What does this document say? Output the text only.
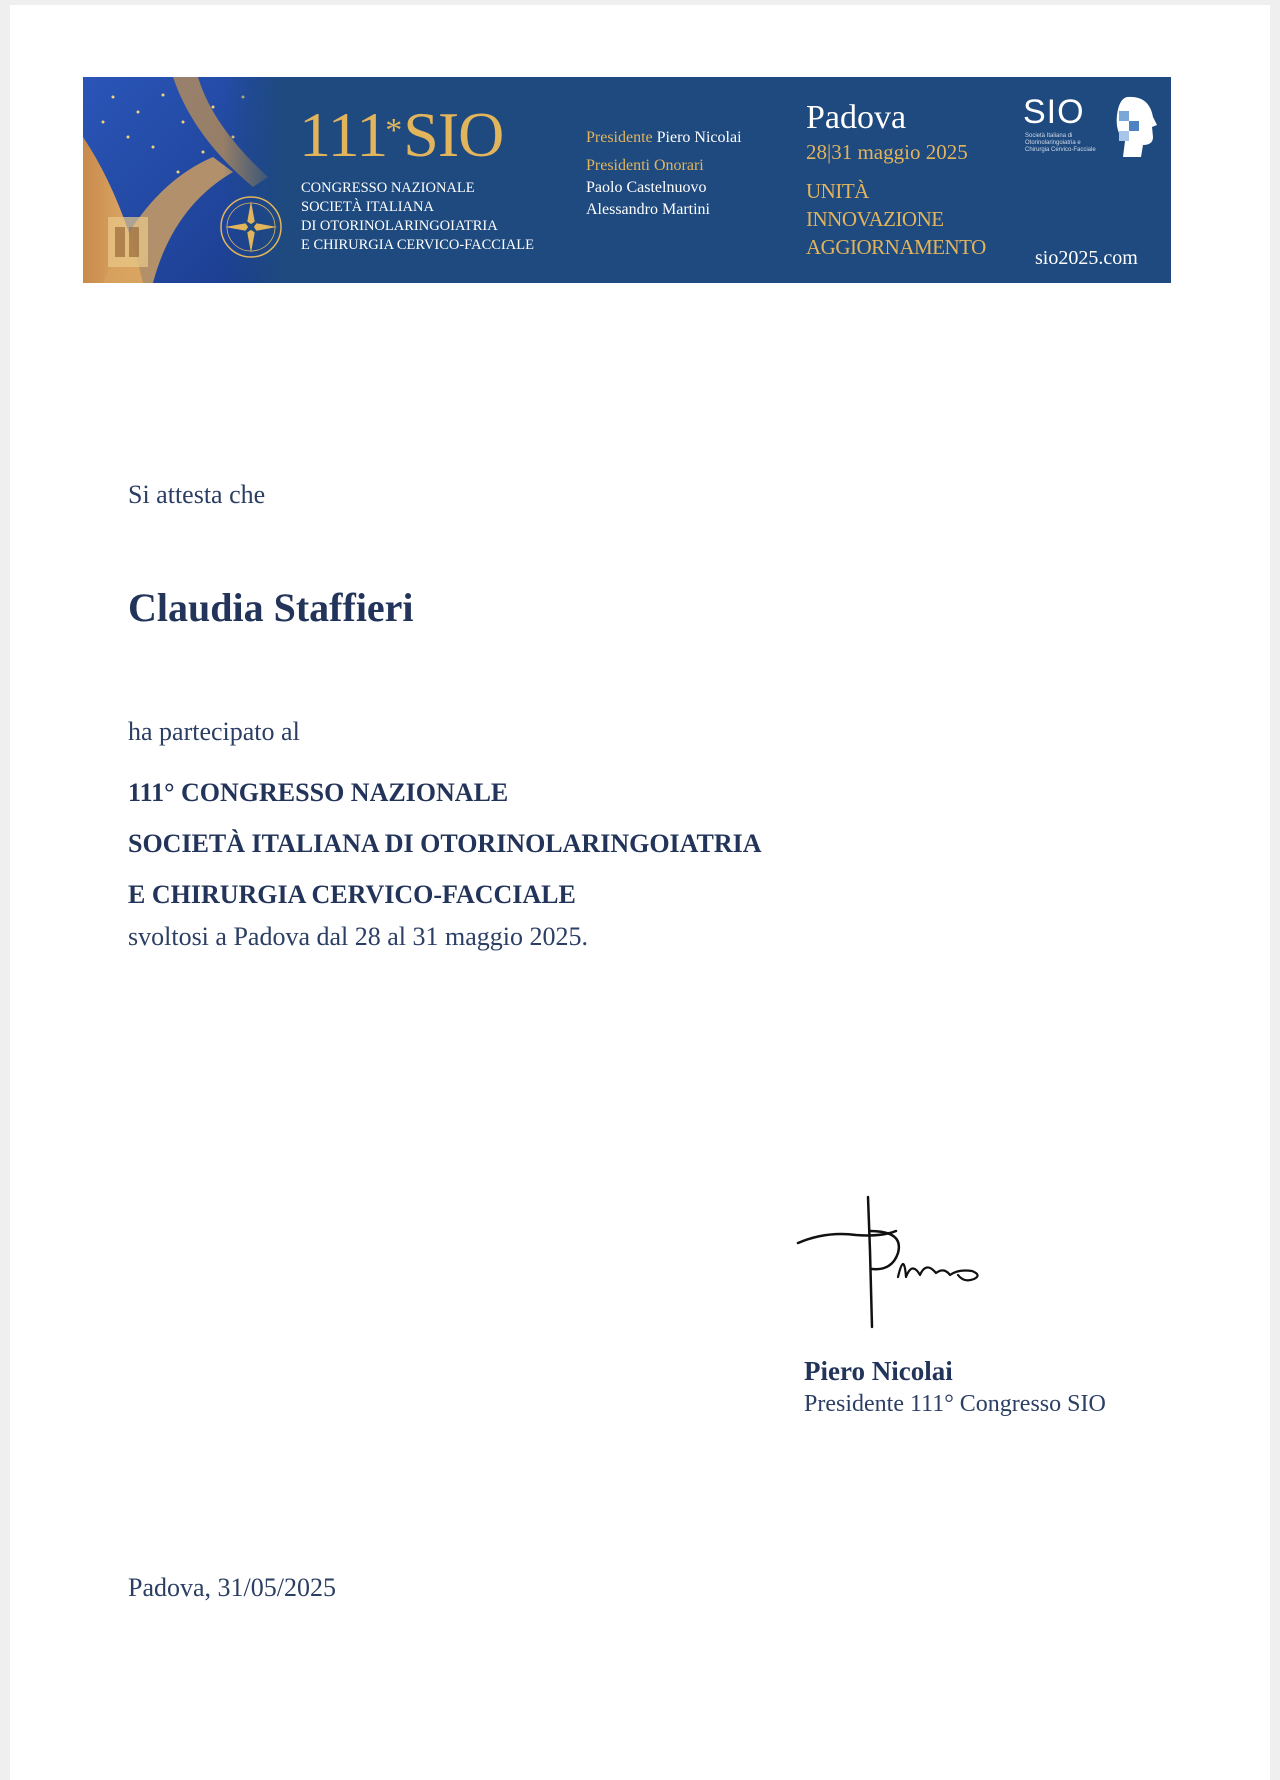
111*SIO
CONGRESSO NAZIONALE
SOCIETÀ ITALIANA
DI OTORINOLARINGOIATRIA
E CHIRURGIA CERVICO-FACCIALE
Presidente Piero Nicolai
Presidenti Onorari
Paolo Castelnuovo
Alessandro Martini
Padova
28|31 maggio 2025
UNITÀ
INNOVAZIONE
AGGIORNAMENTO
SIO
Società Italiana di Otorinolaringoiatria e Chirurgia Cervico-Facciale
sio2025.com
Si attesta che
Claudia Staffieri
ha partecipato al
111° CONGRESSO NAZIONALE
SOCIETÀ ITALIANA DI OTORINOLARINGOIATRIA
E CHIRURGIA CERVICO-FACCIALE
svoltosi a Padova dal 28 al 31 maggio 2025.
Piero Nicolai
Presidente 111° Congresso SIO
Padova, 31/05/2025
